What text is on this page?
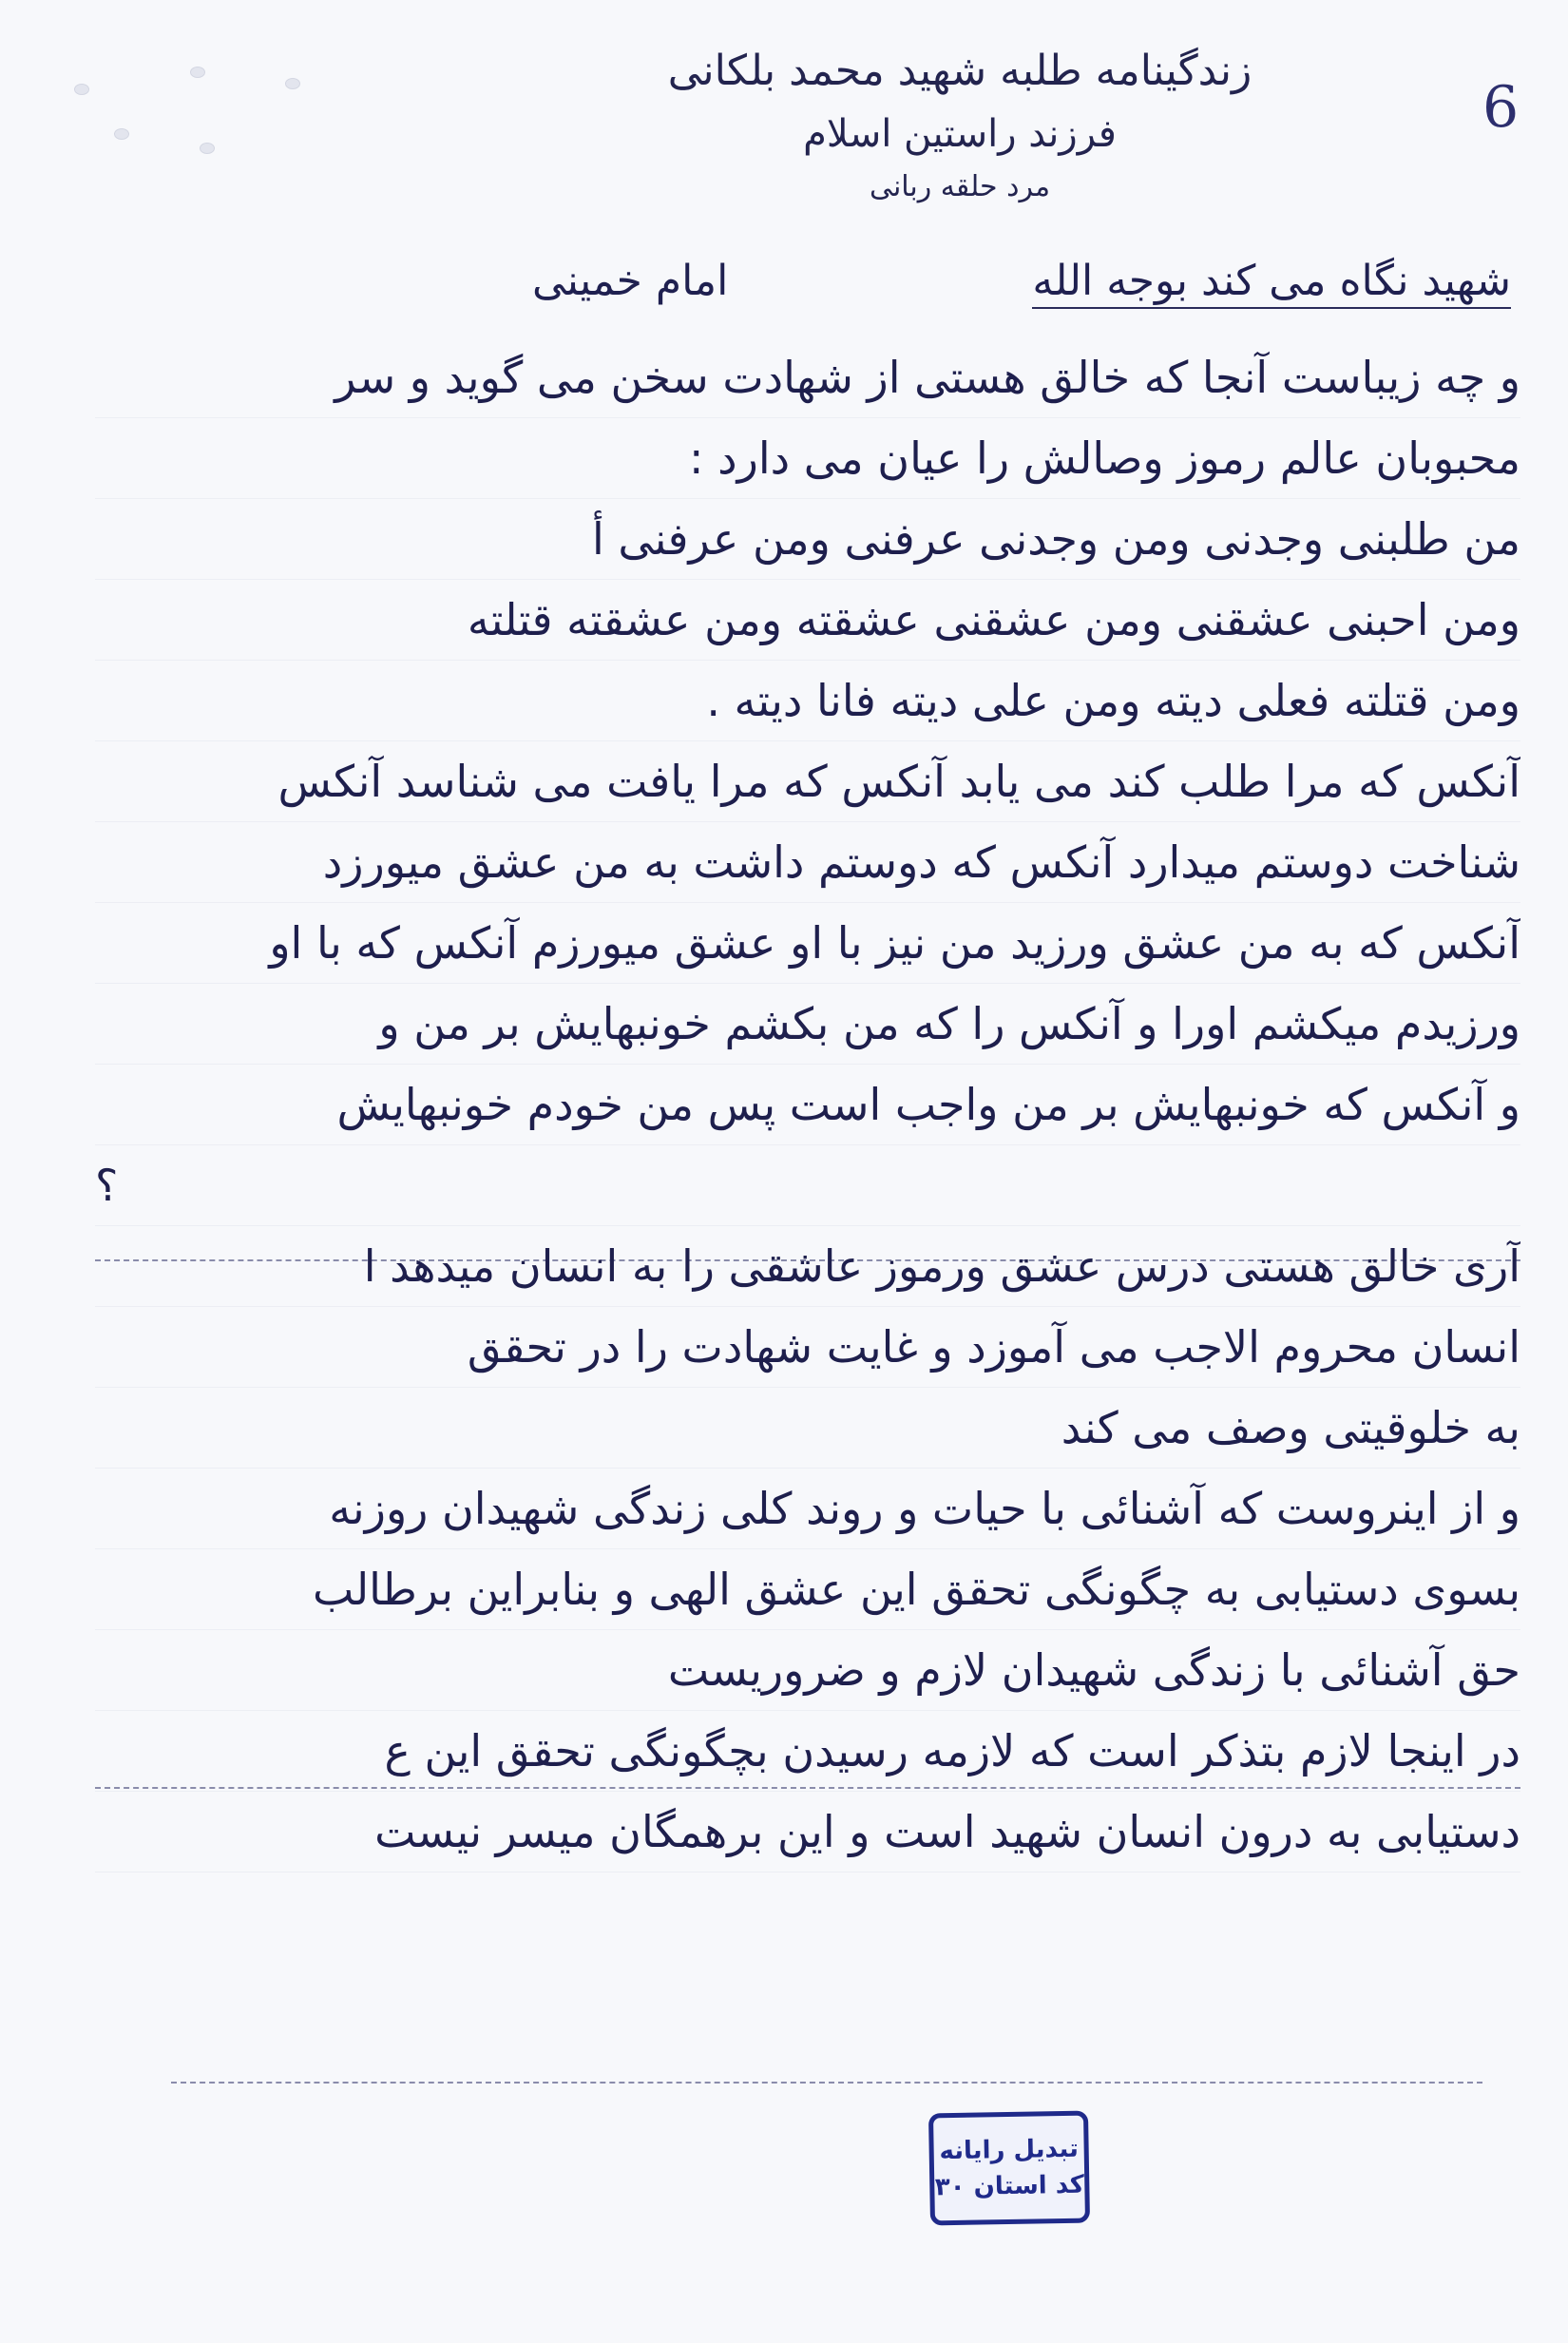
6
زندگینامه طلبه شهید محمد بلکانی
فرزند راستین اسلام
مرد حلقه ربانی
شهید نگاه می کند بوجه الله
امام خمینی
و چه زیباست آنجا که خالق هستی از شهادت سخن می گوید و سر
محبوبان عالم رموز وصالش را عیان می دارد :
من طلبنی وجدنی ومن وجدنی عرفنی ومن عرفنی أ
ومن احبنی عشقنی ومن عشقنی عشقته ومن عشقته قتلته
ومن قتلته فعلی دیته ومن علی دیته فانا دیته .
آنکس که مرا طلب کند می یابد آنکس که مرا یافت می شناسد آنکس
شناخت دوستم میدارد آنکس که دوستم داشت به من عشق میورزد
آنکس که به من عشق ورزید من نیز با او عشق میورزم آنکس که با او
ورزیدم میکشم اورا و آنکس را که من بکشم خونبهایش بر من و
و آنکس که خونبهایش بر من واجب است پس من خودم خونبهایش
؟
آری خالق هستی درس عشق ورموز عاشقی را به انسان میدهد ا
انسان محروم الاجب می آموزد و غایت شهادت را در تحقق
به خلوقیتی وصف می کند
و از اینروست که آشنائی با حیات و روند کلی زندگی شهیدان روزنه
بسوی دستیابی به چگونگی تحقق این عشق الهی و بنابراین برطالب
حق آشنائی با زندگی شهیدان لازم و ضروریست
در اینجا لازم بتذکر است که لازمه رسیدن بچگونگی تحقق این ع
دستیابی به درون انسان شهید است و این برهمگان میسر نیست
تبدیل رایانه
کد استان ۳۰
